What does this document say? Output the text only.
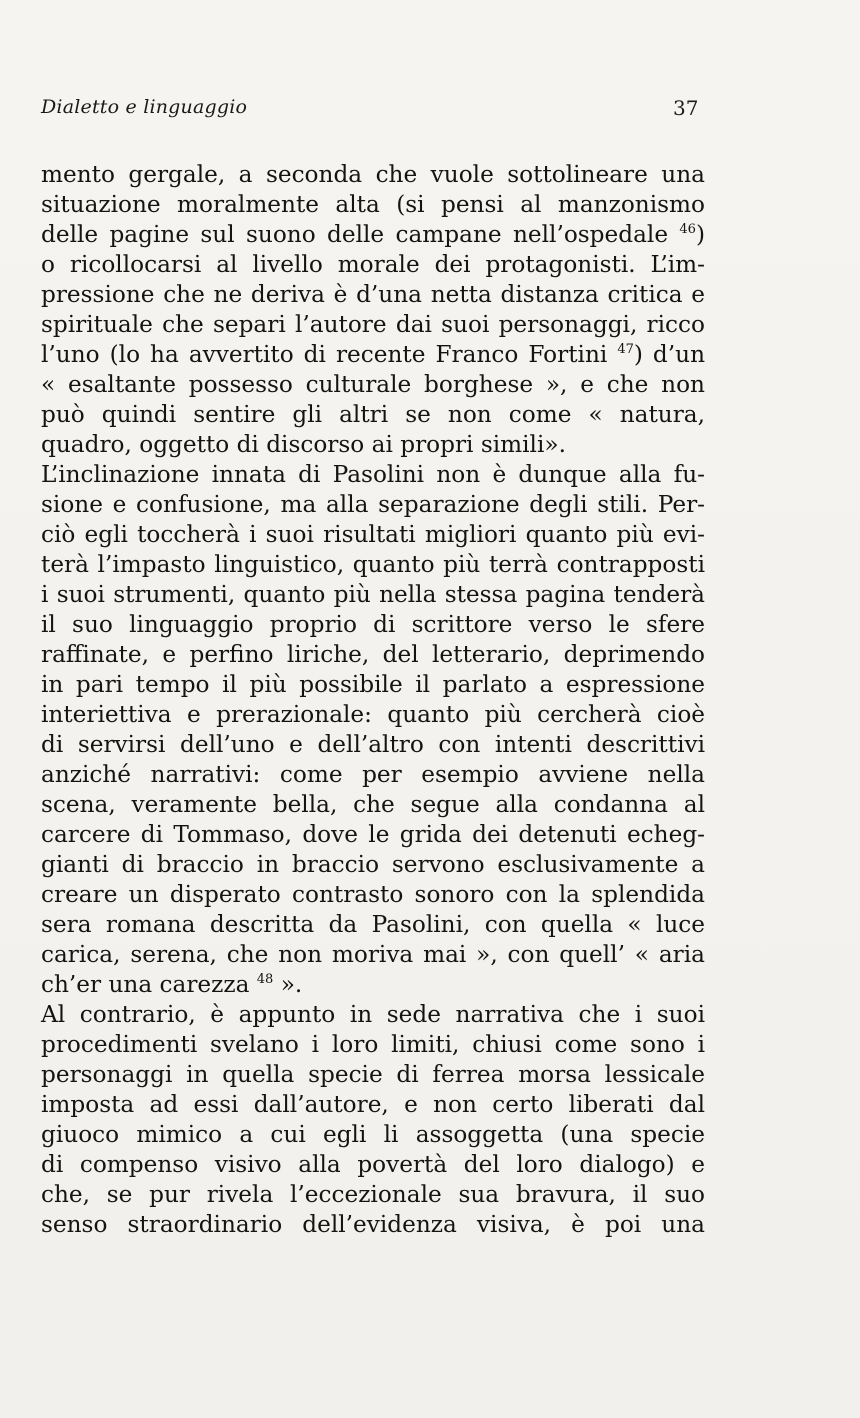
Dialetto e linguaggio	37
mento gergale, a seconda che vuole sottolineare una
situazione moralmente alta (si pensi al manzonismo
delle pagine sul suono delle campane nell’ospedale $^{46}$)
o ricollocarsi al livello morale dei protagonisti. L’im-
pressione che ne deriva è d’una netta distanza critica e
spirituale che separi l’autore dai suoi personaggi, ricco
l’uno (lo ha avvertito di recente Franco Fortini $^{47}$) d’un
« esaltante possesso culturale borghese », e che non
può quindi sentire gli altri se non come « natura,
quadro, oggetto di discorso ai propri simili».
L’inclinazione innata di Pasolini non è dunque alla fu-
sione e confusione, ma alla separazione degli stili. Per-
ciò egli toccherà i suoi risultati migliori quanto più evi-
terà l’impasto linguistico, quanto più terrà contrapposti
i suoi strumenti, quanto più nella stessa pagina tenderà
il suo linguaggio proprio di scrittore verso le sfere
raffinate, e perfino liriche, del letterario, deprimendo
in pari tempo il più possibile il parlato a espressione
interiettiva e prerazionale: quanto più cercherà cioè
di servirsi dell’uno e dell’altro con intenti descrittivi
anziché narrativi: come per esempio avviene nella
scena, veramente bella, che segue alla condanna al
carcere di Tommaso, dove le grida dei detenuti echeg-
gianti di braccio in braccio servono esclusivamente a
creare un disperato contrasto sonoro con la splendida
sera romana descritta da Pasolini, con quella « luce
carica, serena, che non moriva mai », con quell’ « aria
ch’er una carezza $^{48}$ ».
Al contrario, è appunto in sede narrativa che i suoi
procedimenti svelano i loro limiti, chiusi come sono i
personaggi in quella specie di ferrea morsa lessicale
imposta ad essi dall’autore, e non certo liberati dal
giuoco mimico a cui egli li assoggetta (una specie
di compenso visivo alla povertà del loro dialogo) e
che, se pur rivela l’eccezionale sua bravura, il suo
senso straordinario dell’evidenza visiva, è poi una
